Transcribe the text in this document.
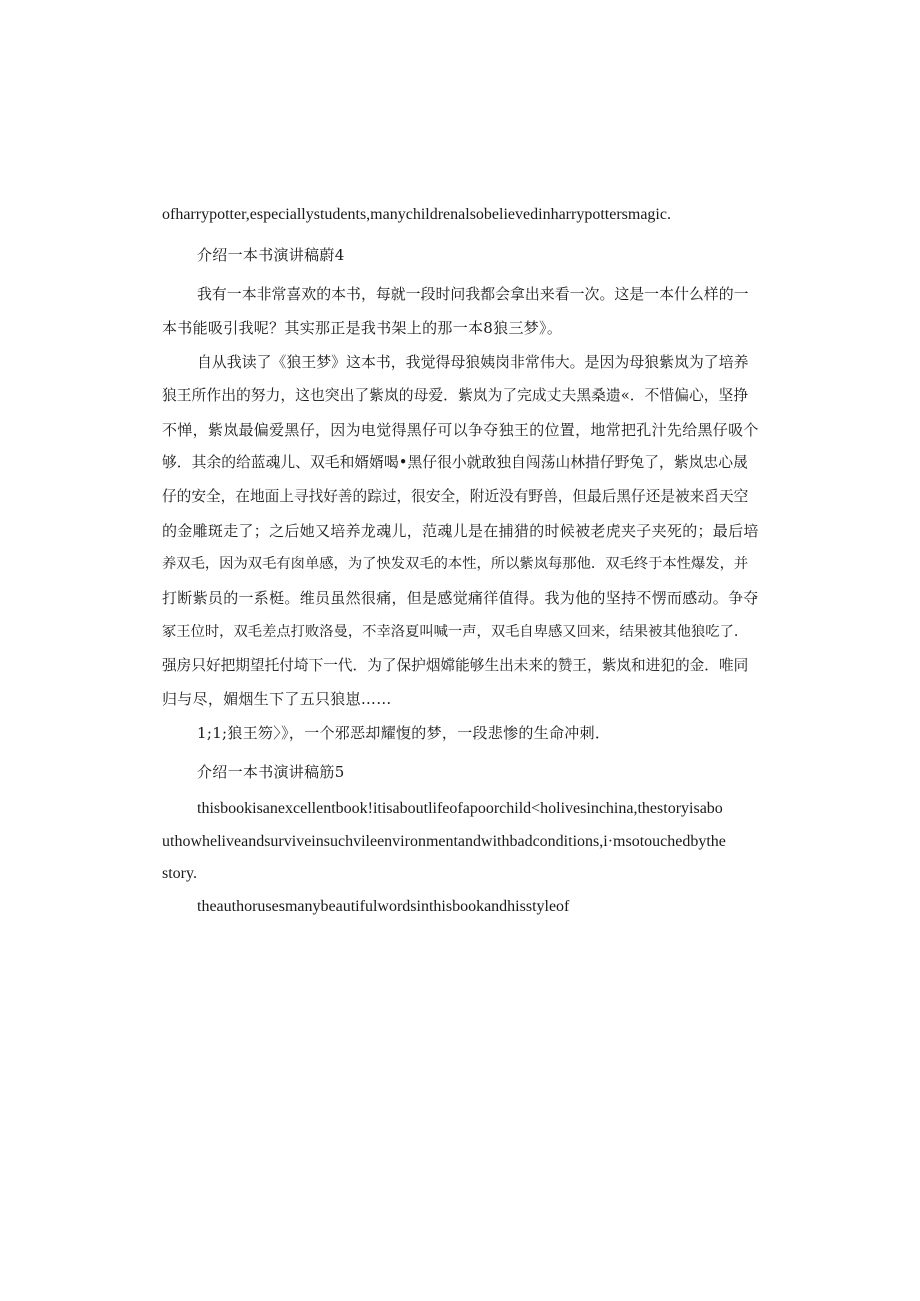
ofharrypotter,especiallystudents,manychildrenalsobelievedinharrypottersmagic.
介绍一本书演讲稿蔚4
我有一本非常喜欢的本书，每就一段时问我都会拿出来看一次。这是一本什么样的一
本书能吸引我呢？其实那正是我书架上的那一本8狼三梦》。
自从我读了《狼王梦》这本书，我觉得母狼姨岗非常伟大。是因为母狼紫岚为了培养
狼王所作出的努力，这也突出了紫岚的母爱．紫岚为了完成丈夫黑桑遗«．不惜偏心，坚挣
不惮，紫岚最偏爱黑仔，因为电觉得黑仔可以争夺独王的位置，地常把孔汁先给黑仔吸个
够．其余的给蓝魂儿、双毛和婿婿喝•黑仔很小就敢独自闯荡山林措仔野兔了，紫岚忠心晟
仔的安全，在地面上寻找好善的踪过，很安全，附近没有野兽，但最后黑仔还是被来舀天空
的金雕斑走了；之后她又培养龙魂儿，范魂儿是在捕猎的时候被老虎夹子夹死的；最后培
养双毛，因为双毛有囱单感，为了怏发双毛的本性，所以紫岚每那他．双毛终于本性爆发，并
打断紫员的一系梃。维员虽然很痛，但是感觉痛徉值得。我为他的坚持不愣而感动。争夺
冢王位时，双毛差点打败洛曼，不幸洛夏叫喊一声，双毛自卑感又回来，结果被其他狼吃了．
强房只好把期望托付埼下一代．为了保护烟嫦能够生出未来的赞王，紫岚和进犯的金．唯同
归与尽，媚烟生下了五只狼崽……
1;1;狼王笏〉》，一个邪恶却耀愎的梦，一段悲惨的生命冲刺．
介绍一本书演讲稿筋5
thisbookisanexcellentbook!itisaboutlifeofapoorchild<holivesinchina,thestoryisabo
uthowheliveandsurviveinsuchvileenvironmentandwithbadconditions,i·msotouchedbythe
story.
theauthorusesmanybeautifulwordsinthisbookandhisstyleof
